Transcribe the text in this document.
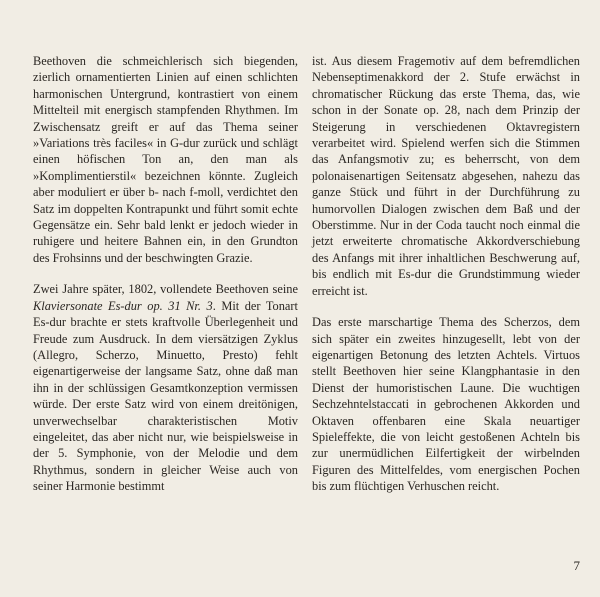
Beethoven die schmeichlerisch sich biegenden, zierlich ornamentierten Linien auf einen schlichten harmonischen Untergrund, kontrastiert von einem Mittelteil mit energisch stampfenden Rhythmen. Im Zwischensatz greift er auf das Thema seiner »Variations très faciles« in G-dur zurück und schlägt einen höfischen Ton an, den man als »Komplimentierstil« bezeichnen könnte. Zugleich aber moduliert er über b- nach f-moll, verdichtet den Satz im doppelten Kontrapunkt und führt somit echte Gegensätze ein. Sehr bald lenkt er jedoch wieder in ruhigere und heitere Bahnen ein, in den Grundton des Frohsinns und der beschwingten Grazie.

Zwei Jahre später, 1802, vollendete Beethoven seine Klaviersonate Es-dur op. 31 Nr. 3. Mit der Tonart Es-dur brachte er stets kraftvolle Überlegenheit und Freude zum Ausdruck. In dem viersätzigen Zyklus (Allegro, Scherzo, Minuetto, Presto) fehlt eigenartigerweise der langsame Satz, ohne daß man ihn in der schlüssigen Gesamtkonzeption vermissen würde. Der erste Satz wird von einem dreitönigen, unverwechselbar charakteristischen Motiv eingeleitet, das aber nicht nur, wie beispielsweise in der 5. Symphonie, von der Melodie und dem Rhythmus, sondern in gleicher Weise auch von seiner Harmonie bestimmt

ist. Aus diesem Fragemotiv auf dem befremdlichen Nebenseptimenakkord der 2. Stufe erwächst in chromatischer Rückung das erste Thema, das, wie schon in der Sonate op. 28, nach dem Prinzip der Steigerung in verschiedenen Oktavregistern verarbeitet wird. Spielend werfen sich die Stimmen das Anfangsmotiv zu; es beherrscht, von dem polonaisenartigen Seitensatz abgesehen, nahezu das ganze Stück und führt in der Durchführung zu humorvollen Dialogen zwischen dem Baß und der Oberstimme. Nur in der Coda taucht noch einmal die jetzt erweiterte chromatische Akkordverschiebung des Anfangs mit ihrer inhaltlichen Beschwerung auf, bis endlich mit Es-dur die Grundstimmung wieder erreicht ist.

Das erste marschartige Thema des Scherzos, dem sich später ein zweites hinzugesellt, lebt von der eigenartigen Betonung des letzten Achtels. Virtuos stellt Beethoven hier seine Klangphantasie in den Dienst der humoristischen Laune. Die wuchtigen Sechzehntelstaccati in gebrochenen Akkorden und Oktaven offenbaren eine Skala neuartiger Spieleffekte, die von leicht gestoßenen Achteln bis zur unermüdlichen Eilfertigkeit der wirbelnden Figuren des Mittelfeldes, vom energischen Pochen bis zum flüchtigen Verhuschen reicht.

7
